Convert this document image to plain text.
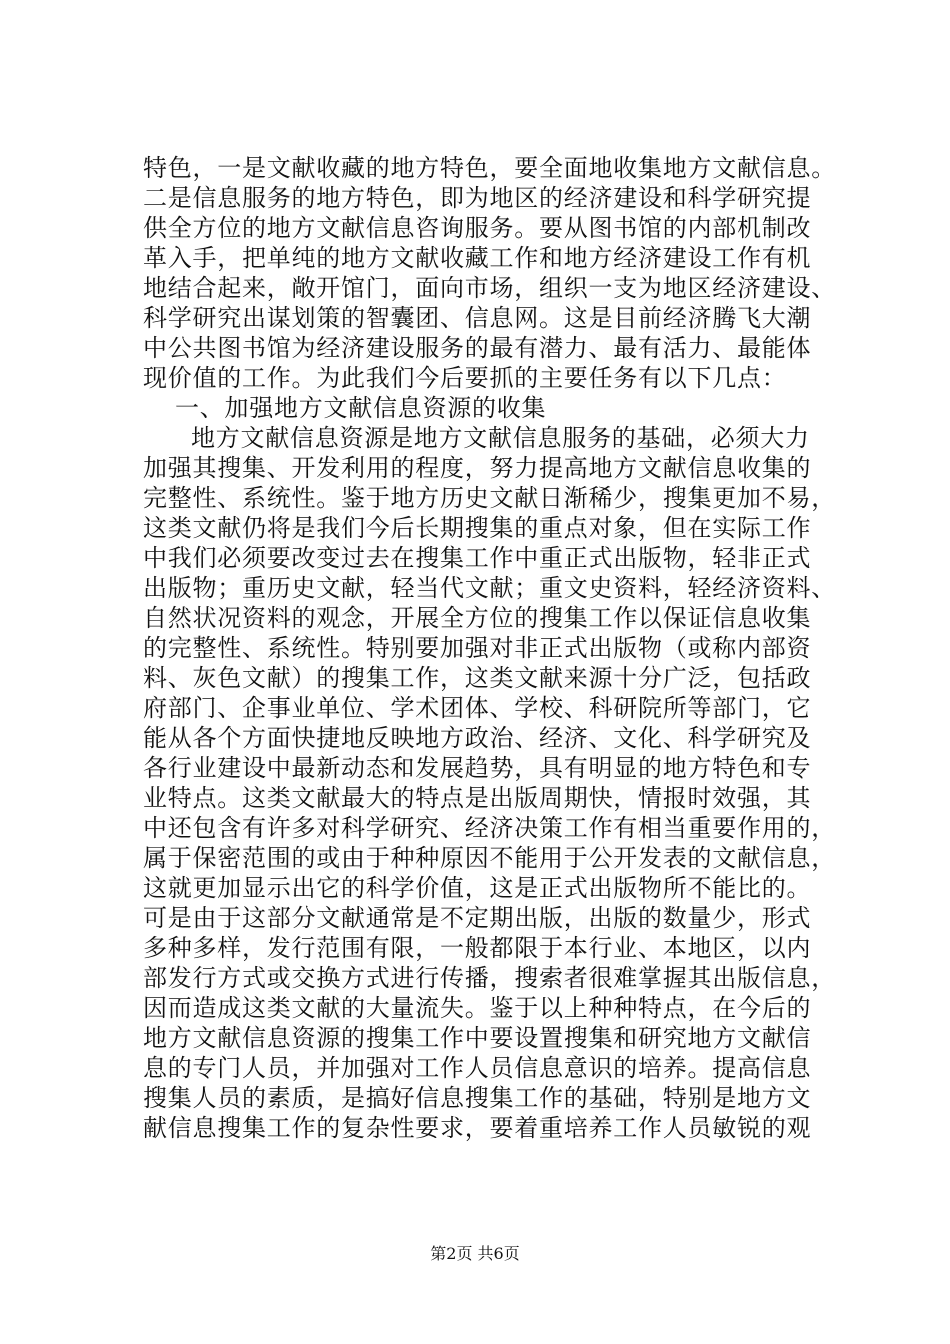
特色，一是文献收藏的地方特色，要全面地收集地方文献信息。
二是信息服务的地方特色，即为地区的经济建设和科学研究提
供全方位的地方文献信息咨询服务。要从图书馆的内部机制改
革入手，把单纯的地方文献收藏工作和地方经济建设工作有机
地结合起来，敞开馆门，面向市场，组织一支为地区经济建设、
科学研究出谋划策的智囊团、信息网。这是目前经济腾飞大潮
中公共图书馆为经济建设服务的最有潜力、最有活力、最能体
现价值的工作。为此我们今后要抓的主要任务有以下几点：
一、加强地方文献信息资源的收集
地方文献信息资源是地方文献信息服务的基础，必须大力
加强其搜集、开发利用的程度，努力提高地方文献信息收集的
完整性、系统性。鉴于地方历史文献日渐稀少，搜集更加不易，
这类文献仍将是我们今后长期搜集的重点对象，但在实际工作
中我们必须要改变过去在搜集工作中重正式出版物，轻非正式
出版物；重历史文献，轻当代文献；重文史资料，轻经济资料、
自然状况资料的观念，开展全方位的搜集工作以保证信息收集
的完整性、系统性。特别要加强对非正式出版物（或称内部资
料、灰色文献）的搜集工作，这类文献来源十分广泛，包括政
府部门、企事业单位、学术团体、学校、科研院所等部门，它
能从各个方面快捷地反映地方政治、经济、文化、科学研究及
各行业建设中最新动态和发展趋势，具有明显的地方特色和专
业特点。这类文献最大的特点是出版周期快，情报时效强，其
中还包含有许多对科学研究、经济决策工作有相当重要作用的，
属于保密范围的或由于种种原因不能用于公开发表的文献信息，
这就更加显示出它的科学价值，这是正式出版物所不能比的。
可是由于这部分文献通常是不定期出版，出版的数量少，形式
多种多样，发行范围有限，一般都限于本行业、本地区，以内
部发行方式或交换方式进行传播，搜索者很难掌握其出版信息，
因而造成这类文献的大量流失。鉴于以上种种特点，在今后的
地方文献信息资源的搜集工作中要设置搜集和研究地方文献信
息的专门人员，并加强对工作人员信息意识的培养。提高信息
搜集人员的素质，是搞好信息搜集工作的基础，特别是地方文
献信息搜集工作的复杂性要求，要着重培养工作人员敏锐的观
第2页 共6页
